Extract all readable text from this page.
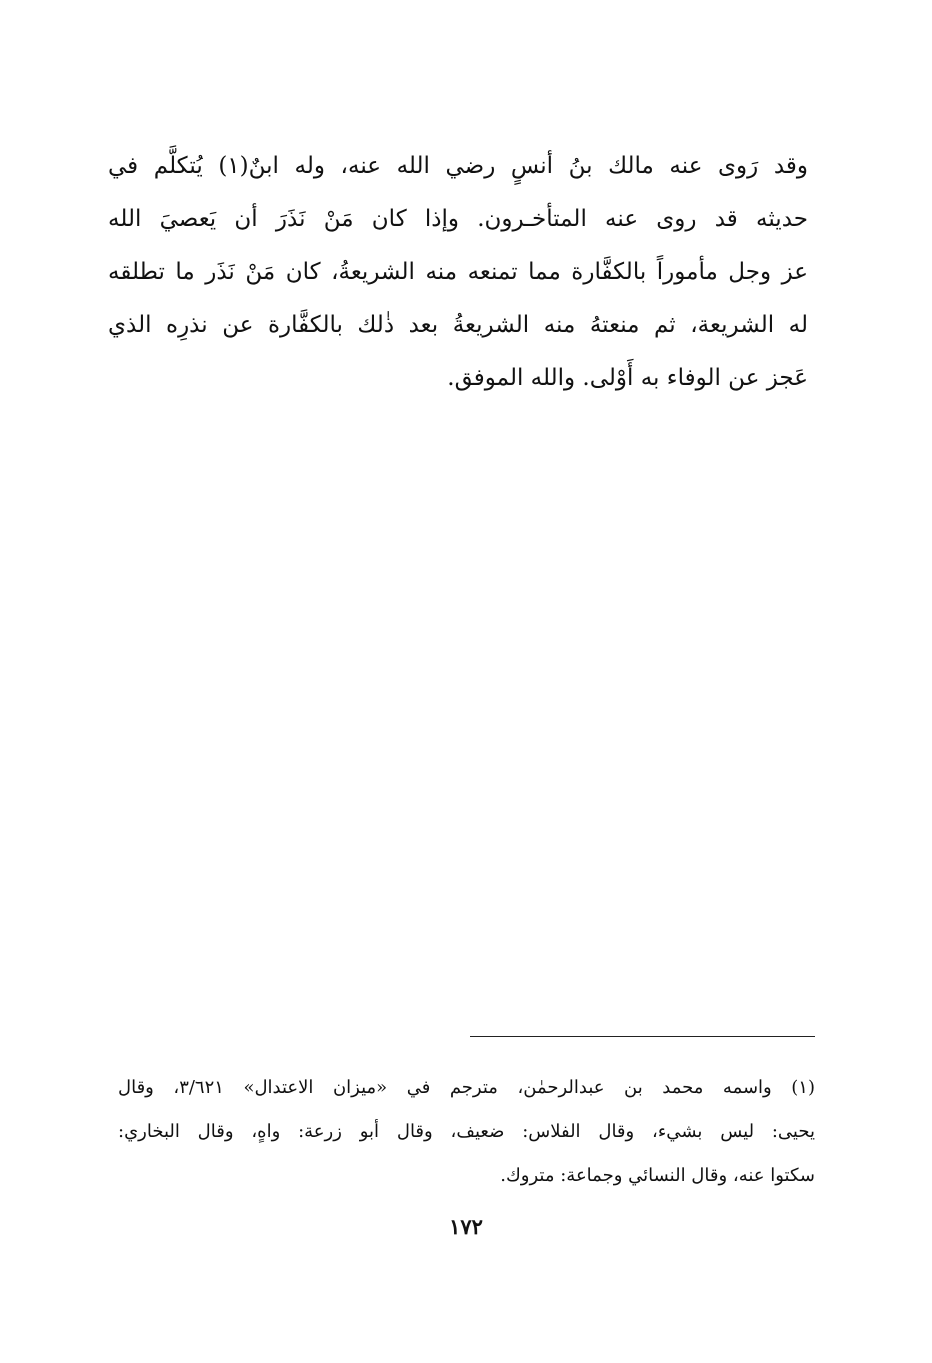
وقد رَوى عنه مالك بنُ أنسٍ رضي الله عنه، وله ابنٌ(١) يُتكلَّم في
حديثه قد روى عنه المتأخـرون. وإذا كان مَنْ نَذَرَ أن يَعصيَ الله
عز وجل مأموراً بالكفَّارة مما تمنعه منه الشريعةُ، كان مَنْ نَذَر ما تطلقه
له الشريعة، ثم منعتهُ منه الشريعةُ بعد ذٰلك بالكفَّارة عن نذرِه الذي
عَجز عن الوفاء به أَوْلى. والله الموفق.
(١) واسمه محمد بن عبدالرحمٰن، مترجم في «ميزان الاعتدال» ٣/٦٢١، وقال
يحيى: ليس بشيء، وقال الفلاس: ضعيف، وقال أبو زرعة: واهٍ، وقال البخاري:
سكتوا عنه، وقال النسائي وجماعة: متروك.
١٧٢
